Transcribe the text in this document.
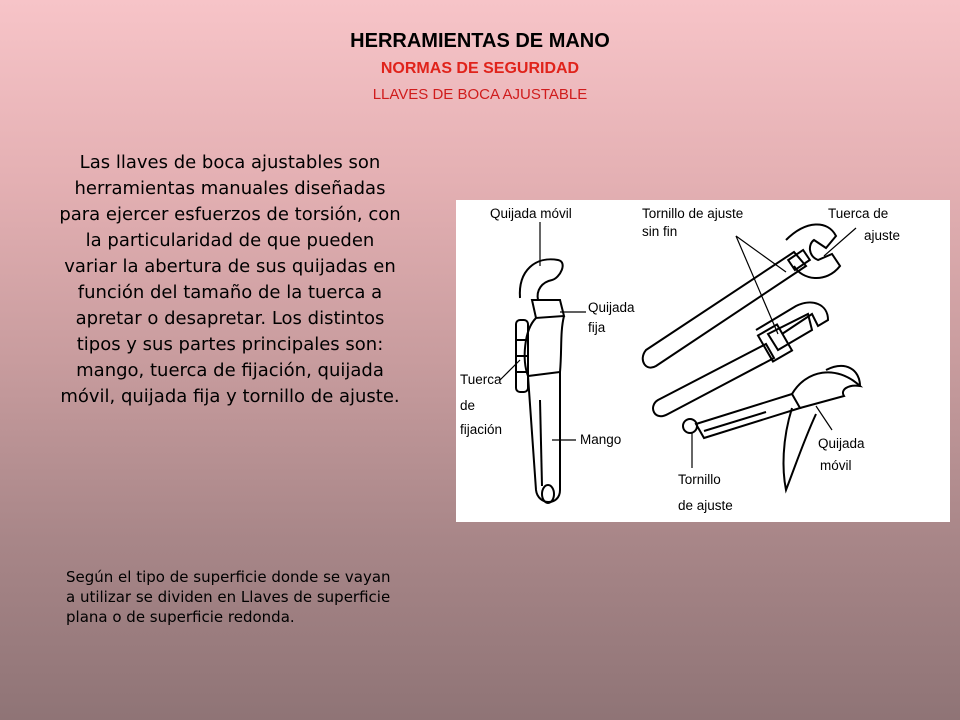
HERRAMIENTAS DE MANO
NORMAS DE SEGURIDAD
LLAVES DE BOCA AJUSTABLE
Las llaves de boca ajustables son herramientas manuales diseñadas para ejercer esfuerzos de torsión, con la particularidad de que pueden variar la abertura de sus quijadas en función del tamaño de la tuerca a apretar o desapretar. Los distintos tipos y sus partes principales son: mango, tuerca de fijación, quijada móvil, quijada fija y tornillo de ajuste.
Según el tipo de superficie donde se vayan a utilizar se dividen en Llaves de superficie plana o de superficie redonda.
Quijada móvil	Tornillo de ajuste
sin fin
Tuerca de
ajuste
Quijada
fija
Tuerca
de
fijación
Mango
Tornillo
de ajuste
Quijada
móvil
